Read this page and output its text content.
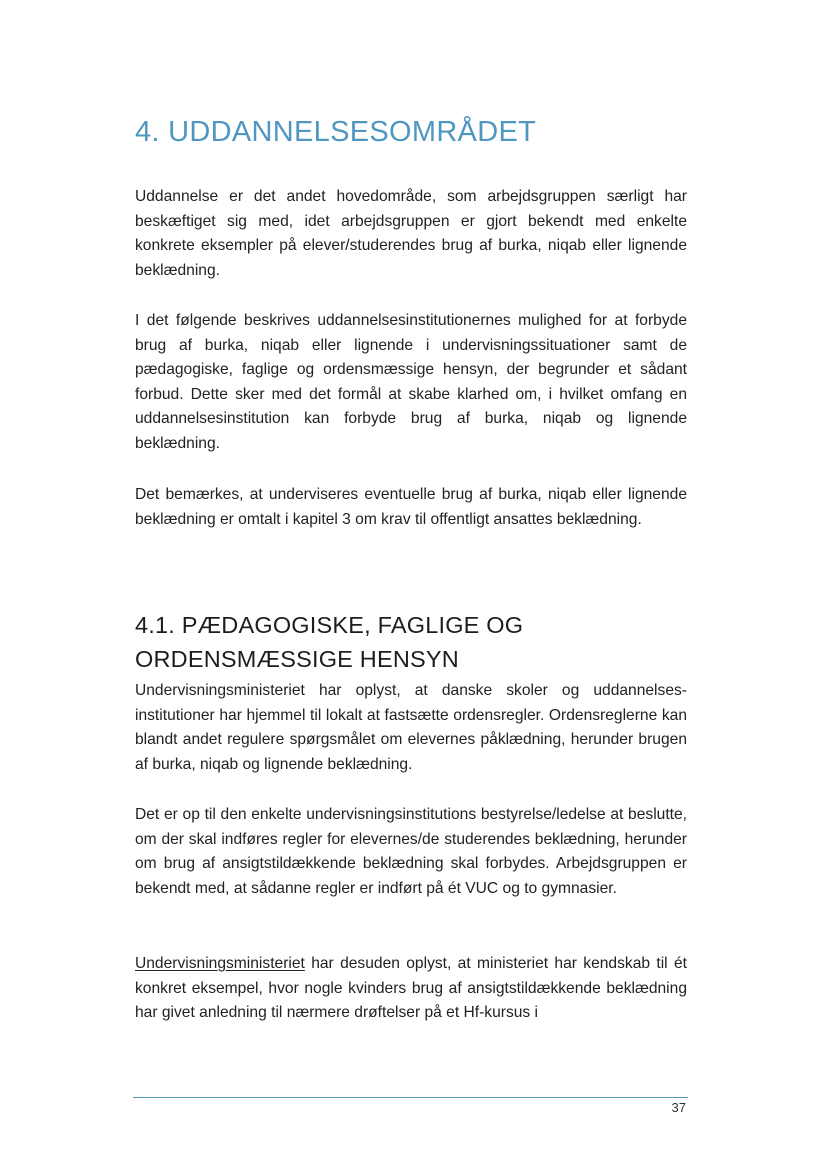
4. UDDANNELSESOMRÅDET

Uddannelse er det andet hovedområde, som arbejdsgruppen særligt har beskæftiget sig med, idet arbejdsgruppen er gjort bekendt med enkelte konkrete eksempler på elever/studerendes brug af burka, niqab eller lignende beklædning.

I det følgende beskrives uddannelsesinstitutionernes mulighed for at forbyde brug af burka, niqab eller lignende i undervisningssituationer samt de pædagogiske, faglige og ordensmæssige hensyn, der begrunder et sådant forbud. Dette sker med det formål at skabe klarhed om, i hvilket omfang en uddannelsesinstitution kan forbyde brug af burka, niqab og lignende beklædning.

Det bemærkes, at underviseres eventuelle brug af burka, niqab eller lignende beklædning er omtalt i kapitel 3 om krav til offentligt ansattes beklædning.

4.1. PÆDAGOGISKE, FAGLIGE OG
ORDENSMÆSSIGE HENSYN

Undervisningsministeriet har oplyst, at danske skoler og uddannelses- institutioner har hjemmel til lokalt at fastsætte ordensregler. Ordensreglerne kan blandt andet regulere spørgsmålet om elevernes påklædning, herunder brugen af burka, niqab og lignende beklædning.

Det er op til den enkelte undervisningsinstitutions bestyrelse/ledelse at beslutte, om der skal indføres regler for elevernes/de studerendes beklædning, herunder om brug af ansigtstildækkende beklædning skal forbydes. Arbejdsgruppen er bekendt med, at sådanne regler er indført på ét VUC og to gymnasier.

Undervisningsministeriet har desuden oplyst, at ministeriet har kendskab til ét konkret eksempel, hvor nogle kvinders brug af ansigtstildækkende beklædning har givet anledning til nærmere drøftelser på et Hf-kursus i

37
